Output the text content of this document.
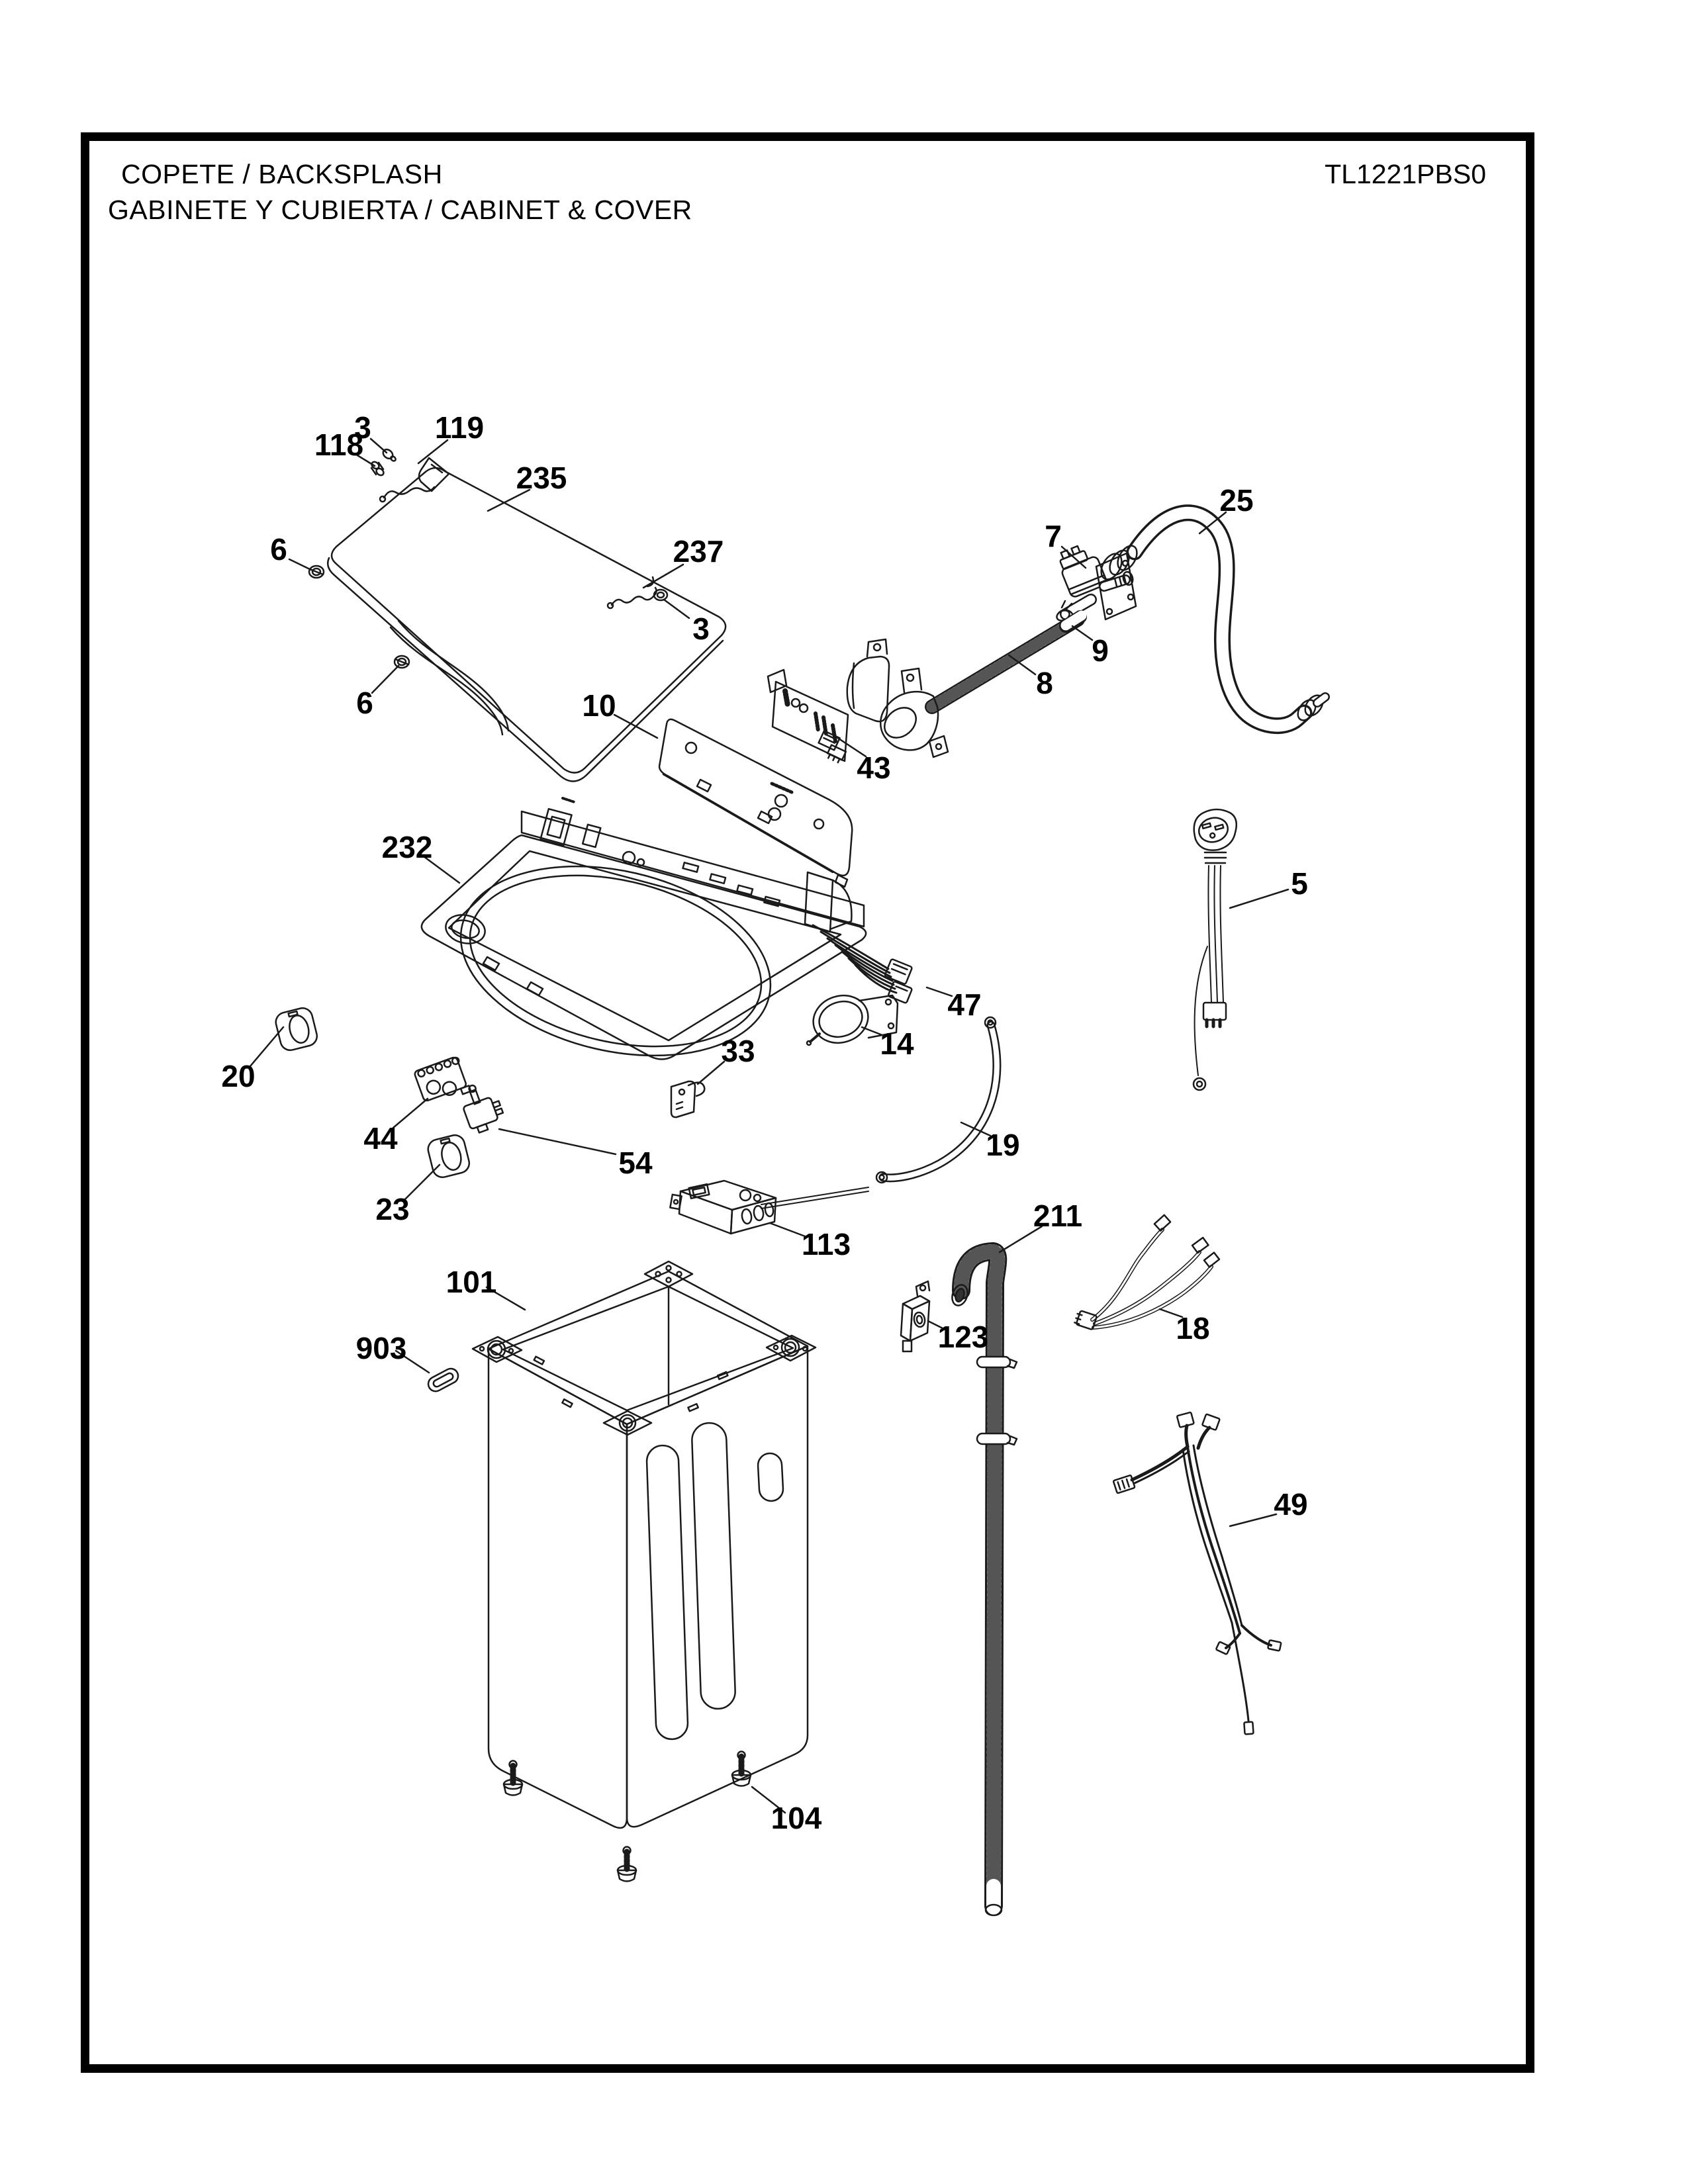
COPETE / BACKSPLASH
GABINETE Y CUBIERTA / CABINET & COVER
TL1221PBS0
118
3 119
235
6	237
3
6	10
43
7
25
9
8
232
5
20
44
54
23
33	14
47
19
113
101
903	123
211
18
49
104
